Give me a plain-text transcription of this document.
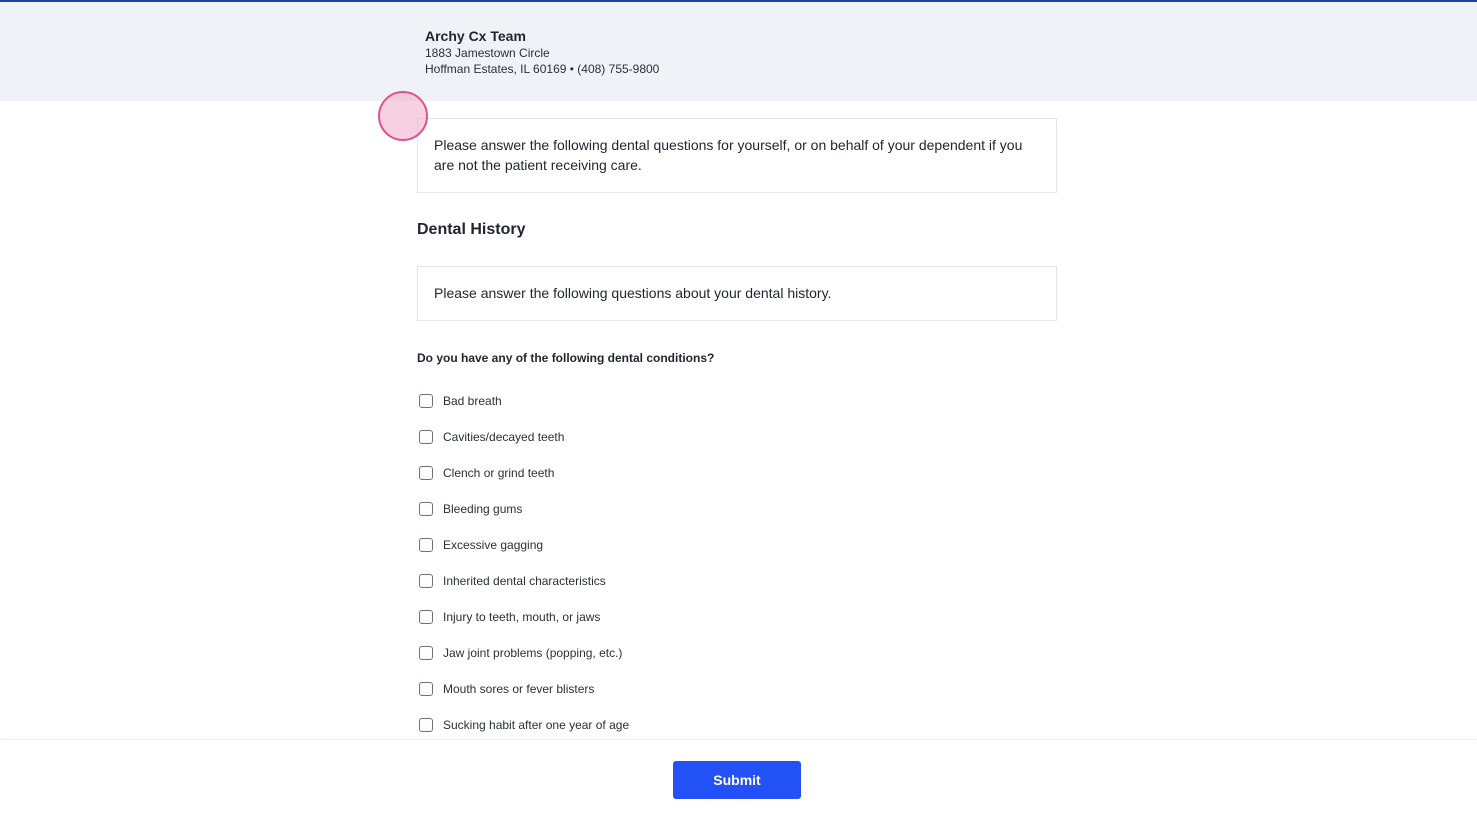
Archy Cx Team
1883 Jamestown Circle
Hoffman Estates, IL 60169 • (408) 755-9800
Please answer the following dental questions for yourself, or on behalf of your dependent if you are not the patient receiving care.
Dental History
Please answer the following questions about your dental history.
Do you have any of the following dental conditions?
Bad breath
Cavities/decayed teeth
Clench or grind teeth
Bleeding gums
Excessive gagging
Inherited dental characteristics
Injury to teeth, mouth, or jaws
Jaw joint problems (popping, etc.)
Mouth sores or fever blisters
Sucking habit after one year of age
Submit
